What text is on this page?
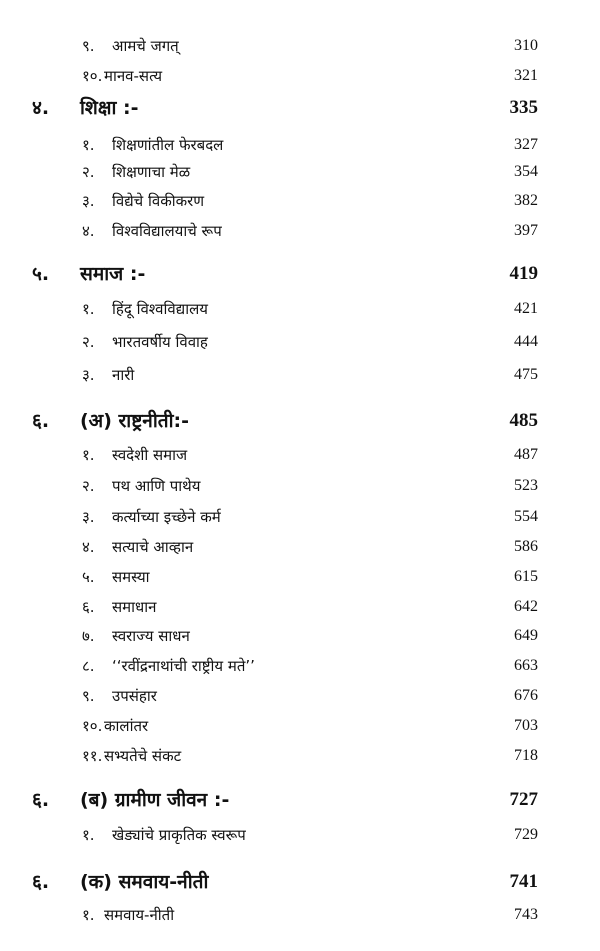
९. आमचे जगत्	310
१०. मानव-सत्य	321
४. शिक्षा :-	335
१. शिक्षणांतील फेरबदल	327
२. शिक्षणाचा मेळ	354
३. विद्येचे विकीकरण	382
४. विश्वविद्यालयाचे रूप	397
५. समाज :-	419
१. हिंदू विश्वविद्यालय	421
२. भारतवर्षीय विवाह	444
३. नारी	475
६. (अ) राष्ट्रनीती:-	485
१. स्वदेशी समाज	487
२. पथ आणि पाथेय	523
३. कर्त्याच्या इच्छेने कर्म	554
४. सत्याचे आव्हान	586
५. समस्या	615
६. समाधान	642
७. स्वराज्य साधन	649
८. ‘‘रवींद्रनाथांची राष्ट्रीय मते’’	663
९. उपसंहार	676
१०. कालांतर	703
११. सभ्यतेचे संकट	718
६. (ब) ग्रामीण जीवन :-	727
१. खेड्यांचे प्राकृतिक स्वरूप	729
६. (क) समवाय-नीती	741
१. समवाय-नीती	743
